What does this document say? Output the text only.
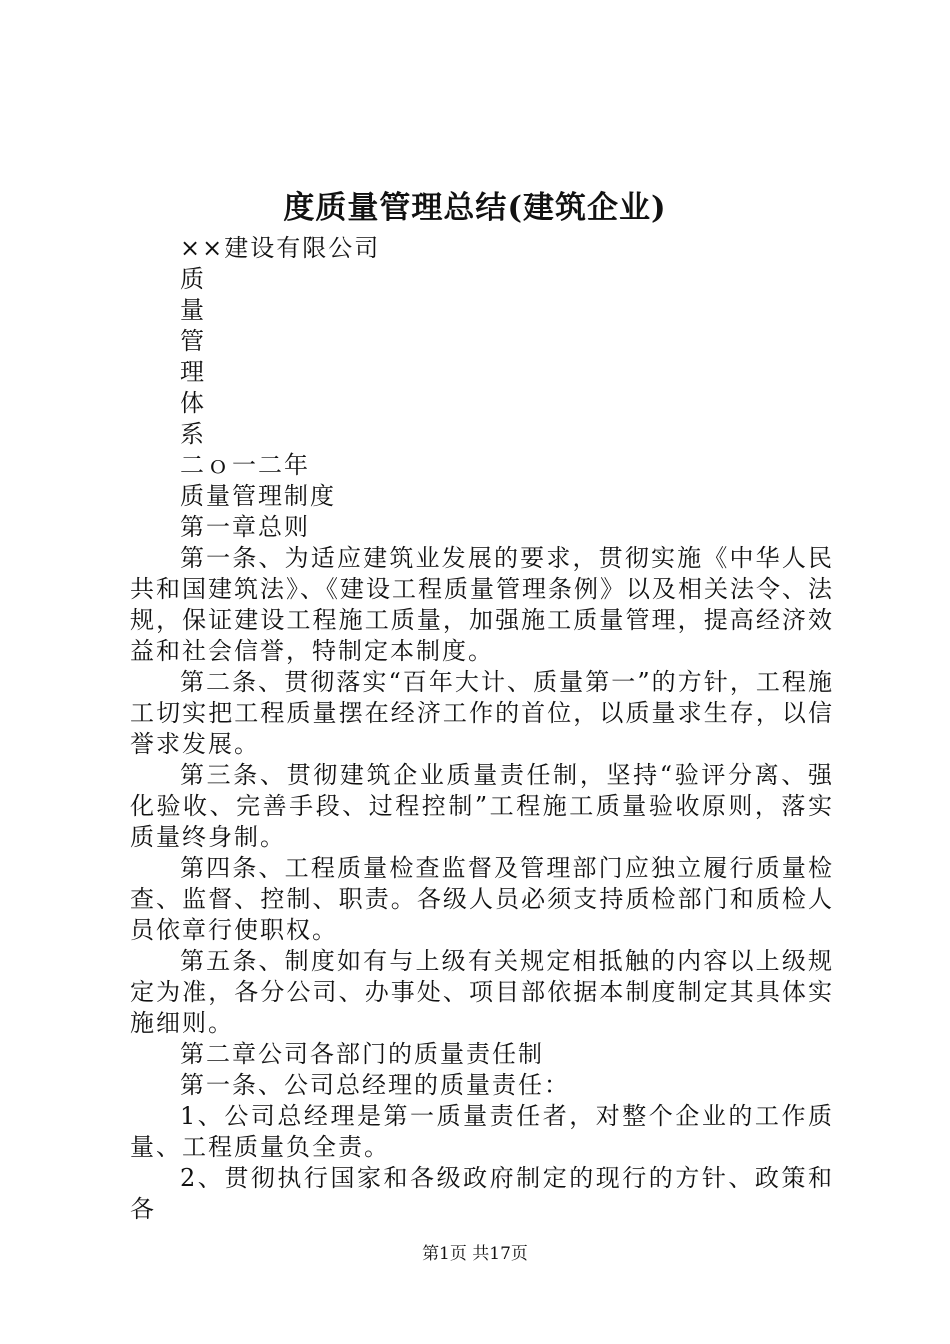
度质量管理总结(建筑企业)

××建设有限公司

质

量

管

理

体

系

二ｏ一二年

质量管理制度

第一章总则

第一条、为适应建筑业发展的要求，贯彻实施《中华人民共和国建筑法》、《建设工程质量管理条例》以及相关法令、法规，保证建设工程施工质量，加强施工质量管理，提高经济效益和社会信誉，特制定本制度。

第二条、贯彻落实“百年大计、质量第一”的方针，工程施工切实把工程质量摆在经济工作的首位，以质量求生存，以信誉求发展。

第三条、贯彻建筑企业质量责任制，坚持“验评分离、强化验收、完善手段、过程控制”工程施工质量验收原则，落实质量终身制。

第四条、工程质量检查监督及管理部门应独立履行质量检查、监督、控制、职责。各级人员必须支持质检部门和质检人员依章行使职权。

第五条、制度如有与上级有关规定相抵触的内容以上级规定为准，各分公司、办事处、项目部依据本制度制定其具体实施细则。

第二章公司各部门的质量责任制

第一条、公司总经理的质量责任：

1、公司总经理是第一质量责任者，对整个企业的工作质量、工程质量负全责。

2、贯彻执行国家和各级政府制定的现行的方针、政策和各

第1页 共17页
